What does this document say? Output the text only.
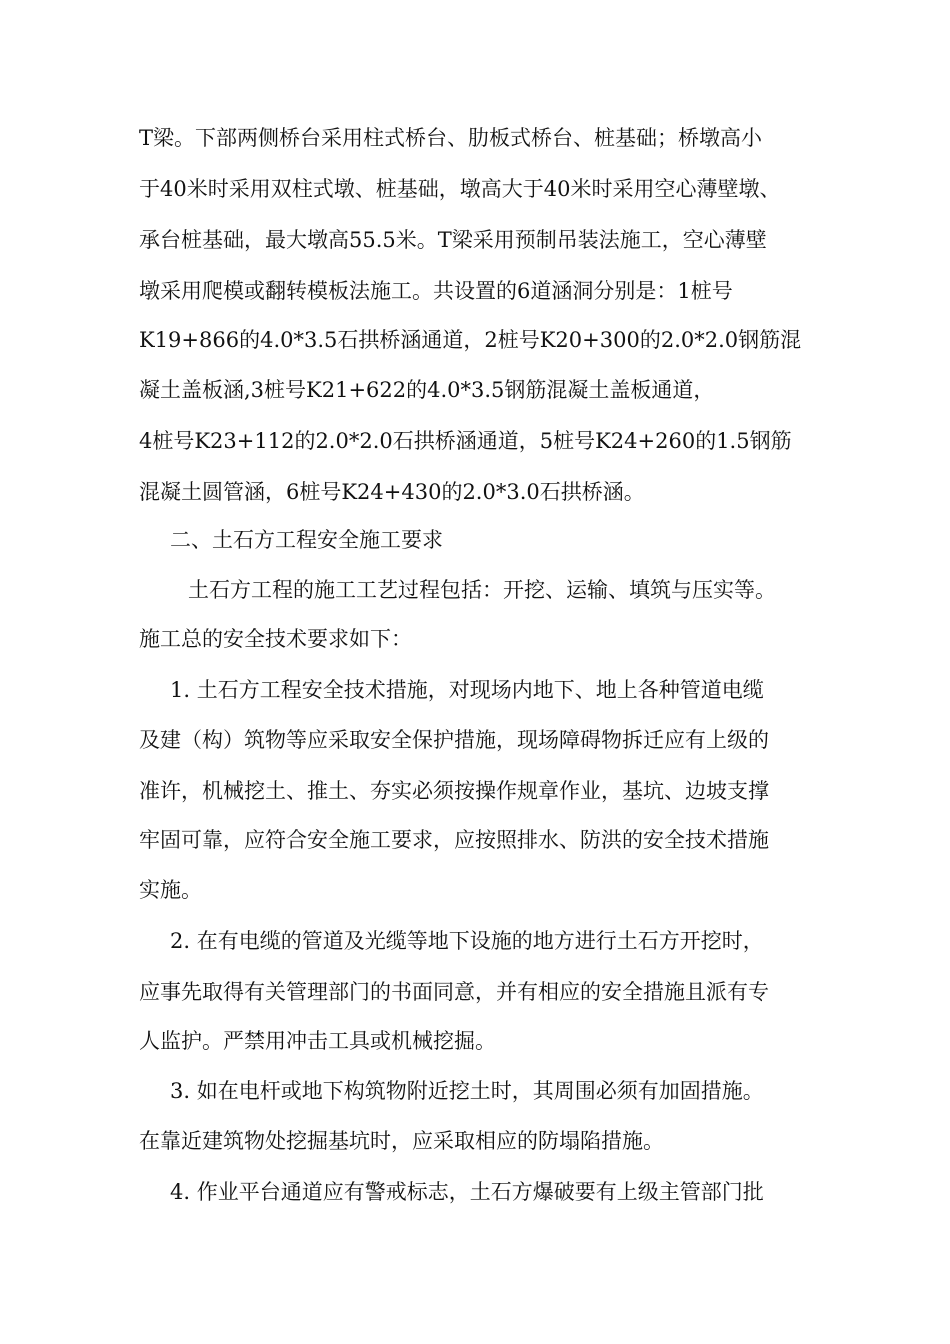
T梁。下部两侧桥台采用柱式桥台、肋板式桥台、桩基础；桥墩高小
于40米时采用双柱式墩、桩基础，墩高大于40米时采用空心薄壁墩、
承台桩基础，最大墩高55.5米。T梁采用预制吊装法施工，空心薄壁
墩采用爬模或翻转模板法施工。共设置的6道涵洞分别是：1桩号
K19+866的4.0*3.5石拱桥涵通道，2桩号K20+300的2.0*2.0钢筋混
凝土盖板涵,3桩号K21+622的4.0*3.5钢筋混凝土盖板通道，
4桩号K23+112的2.0*2.0石拱桥涵通道，5桩号K24+260的1.5钢筋
混凝土圆管涵，6桩号K24+430的2.0*3.0石拱桥涵。
二、土石方工程安全施工要求
土石方工程的施工工艺过程包括：开挖、运输、填筑与压实等。
施工总的安全技术要求如下：
1. 土石方工程安全技术措施，对现场内地下、地上各种管道电缆
及建（构）筑物等应采取安全保护措施，现场障碍物拆迁应有上级的
准许，机械挖土、推土、夯实必须按操作规章作业，基坑、边坡支撑
牢固可靠，应符合安全施工要求，应按照排水、防洪的安全技术措施
实施。
2. 在有电缆的管道及光缆等地下设施的地方进行土石方开挖时，
应事先取得有关管理部门的书面同意，并有相应的安全措施且派有专
人监护。严禁用冲击工具或机械挖掘。
3. 如在电杆或地下构筑物附近挖土时，其周围必须有加固措施。
在靠近建筑物处挖掘基坑时，应采取相应的防塌陷措施。
4. 作业平台通道应有警戒标志，土石方爆破要有上级主管部门批
